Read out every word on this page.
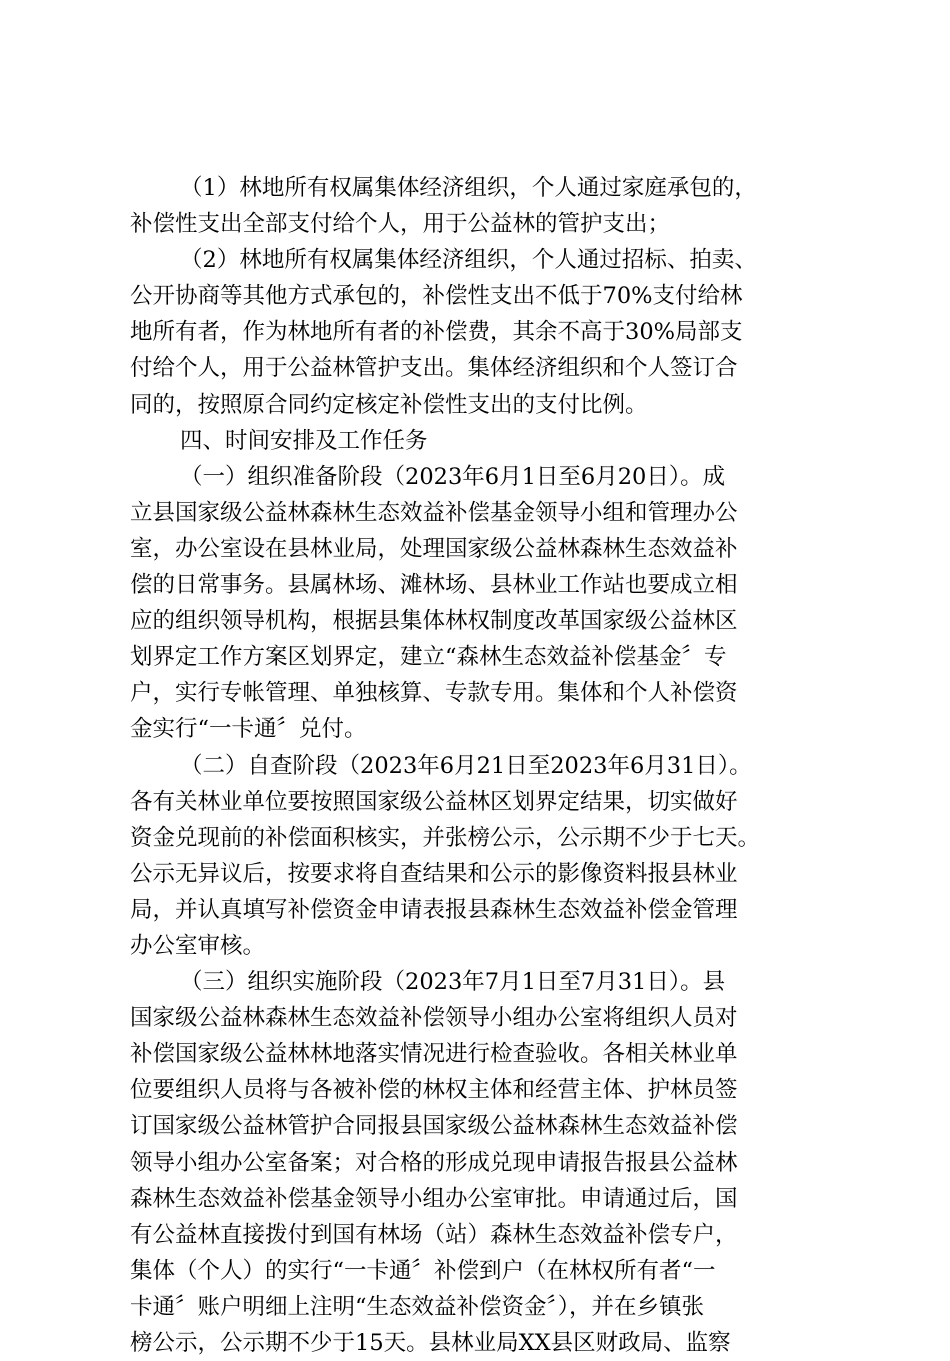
（1）林地所有权属集体经济组织，个人通过家庭承包的，
补偿性支出全部支付给个人，用于公益林的管护支出；
（2）林地所有权属集体经济组织，个人通过招标、拍卖、
公开协商等其他方式承包的，补偿性支出不低于70%支付给林
地所有者，作为林地所有者的补偿费，其余不高于30%局部支
付给个人，用于公益林管护支出。集体经济组织和个人签订合
同的，按照原合同约定核定补偿性支出的支付比例。
四、时间安排及工作任务
（一）组织准备阶段（2023年6月1日至6月20日）。成
立县国家级公益林森林生态效益补偿基金领导小组和管理办公
室，办公室设在县林业局，处理国家级公益林森林生态效益补
偿的日常事务。县属林场、滩林场、县林业工作站也要成立相
应的组织领导机构，根据县集体林权制度改革国家级公益林区
划界定工作方案区划界定，建立“森林生态效益补偿基金〞专
户，实行专帐管理、单独核算、专款专用。集体和个人补偿资
金实行“一卡通〞兑付。
（二）自查阶段（2023年6月21日至2023年6月31日）。
各有关林业单位要按照国家级公益林区划界定结果，切实做好
资金兑现前的补偿面积核实，并张榜公示，公示期不少于七天。
公示无异议后，按要求将自查结果和公示的影像资料报县林业
局，并认真填写补偿资金申请表报县森林生态效益补偿金管理
办公室审核。
（三）组织实施阶段（2023年7月1日至7月31日）。县
国家级公益林森林生态效益补偿领导小组办公室将组织人员对
补偿国家级公益林林地落实情况进行检查验收。各相关林业单
位要组织人员将与各被补偿的林权主体和经营主体、护林员签
订国家级公益林管护合同报县国家级公益林森林生态效益补偿
领导小组办公室备案；对合格的形成兑现申请报告报县公益林
森林生态效益补偿基金领导小组办公室审批。申请通过后，国
有公益林直接拨付到国有林场（站）森林生态效益补偿专户，
集体（个人）的实行“一卡通〞补偿到户（在林权所有者“一
卡通〞账户明细上注明“生态效益补偿资金〞），并在乡镇张
榜公示，公示期不少于15天。县林业局XX县区财政局、监察
